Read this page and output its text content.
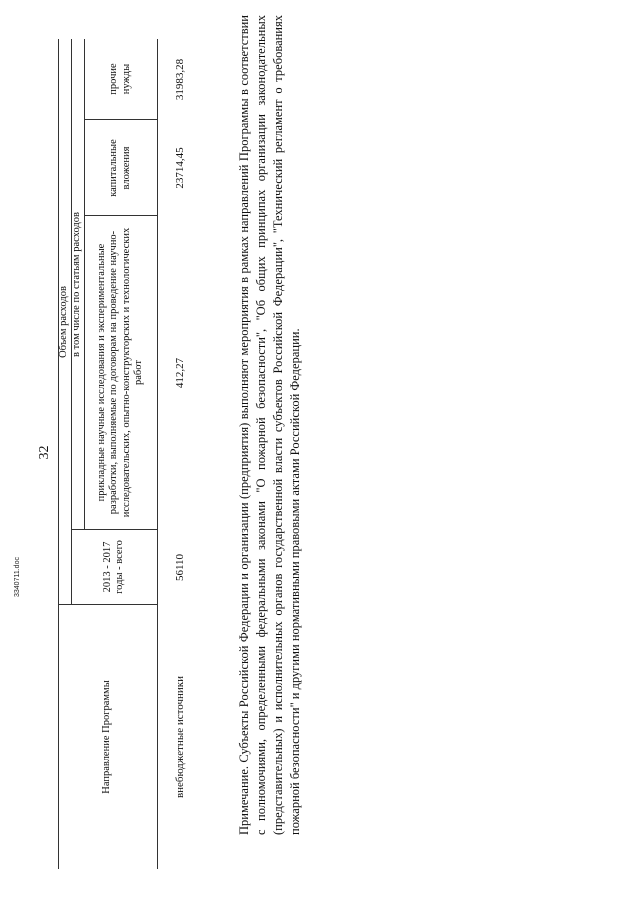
32
Направление Программы
2013 - 2017 годы - всего
Объем расходов в том числе по статьям расходов	прикладные научные исследования и экспериментальные разработки, выполняемые по договорам на проведение научно-исследовательских, опытно-конструкторских и технологических работ
капитальные вложения
прочие нужды
внебюджетные источники
56110
412,27
23714,45
31983,28	Примечание. Субъекты Российской Федерации и организации (предприятия) выполняют мероприятия в рамках направлений Программы в соответствии с полномочиями, определенными федеральными законами "О пожарной безопасности", "Об общих принципах организации законодательных (представительных) и исполнительных органов государственной власти субъектов Российской Федерации", "Технический регламент о требованиях пожарной безопасности" и другими нормативными правовыми актами Российской Федерации.
3340711.doc
